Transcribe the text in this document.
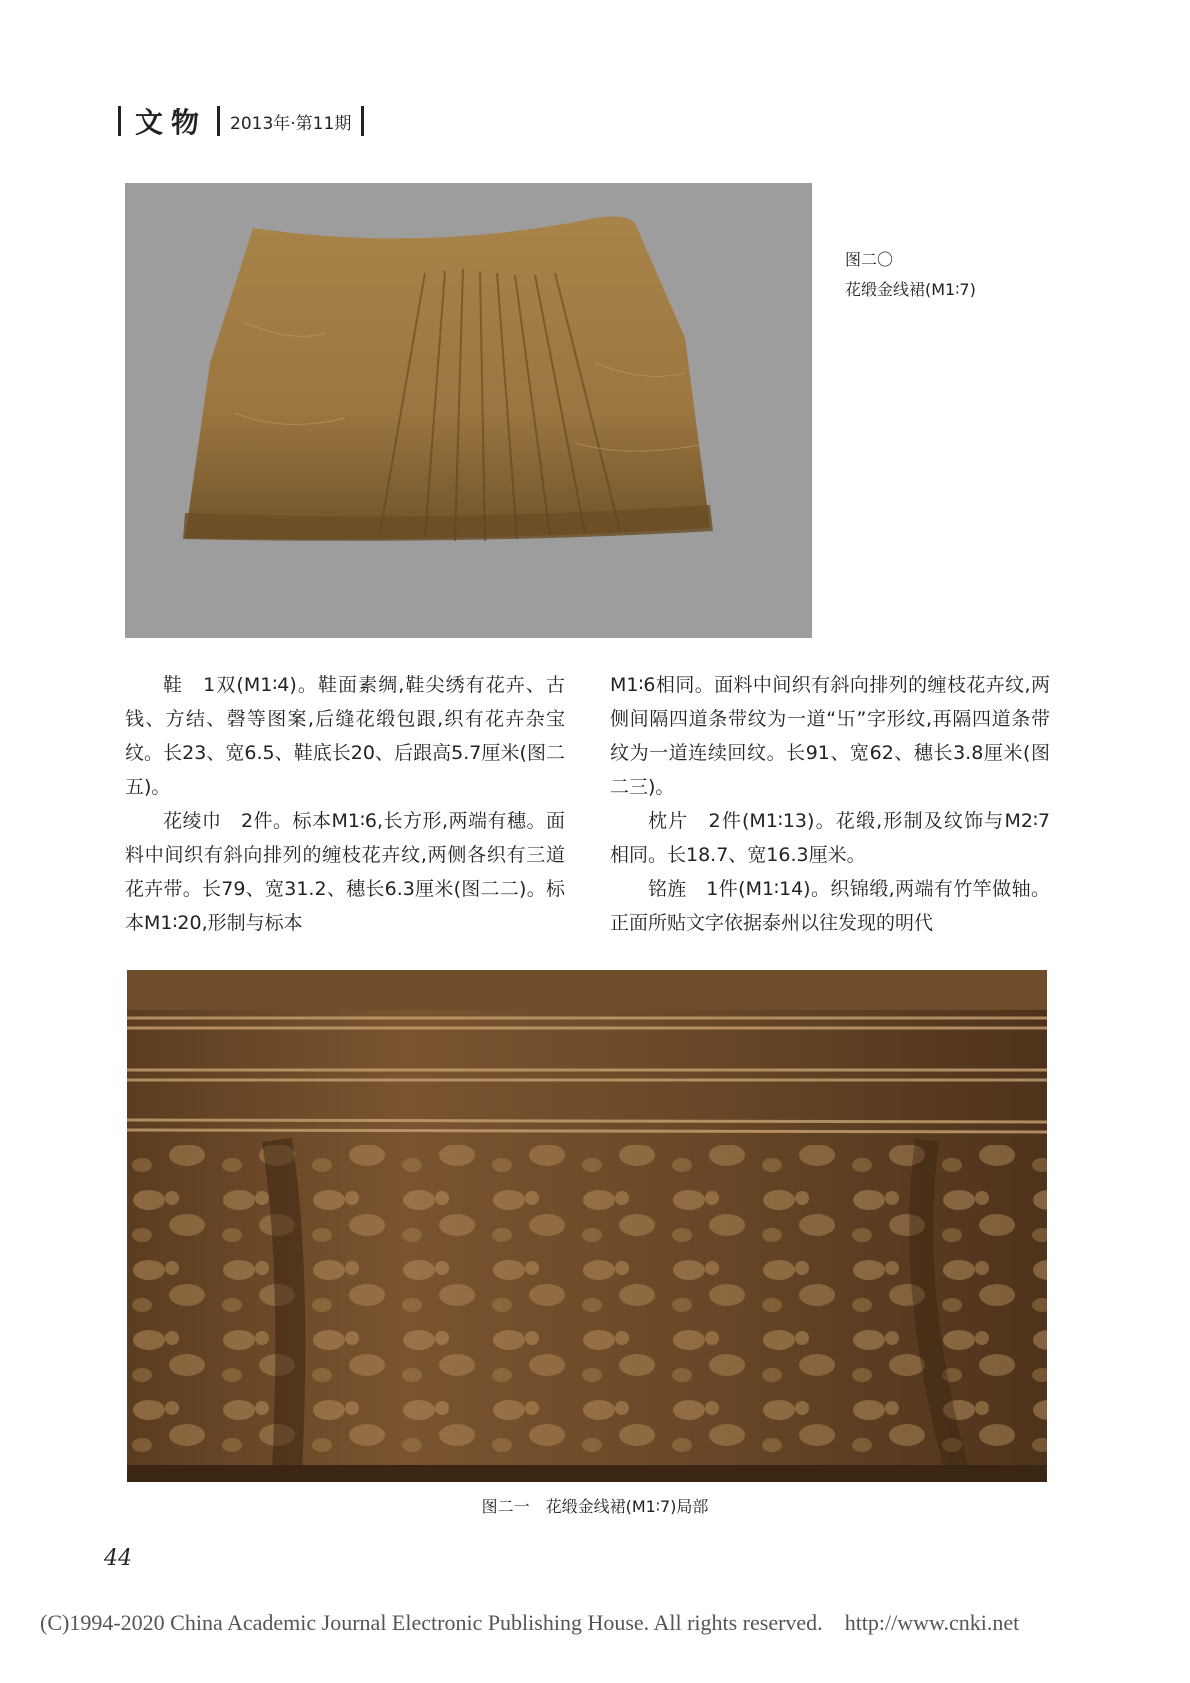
文物 2013年·第11期
图二〇
花缎金线裙(M1∶7)

鞋　1双(M1∶4)。鞋面素绸,鞋尖绣有花卉、古钱、方结、磬等图案,后缝花缎包跟,织有花卉杂宝纹。长23、宽6.5、鞋底长20、后跟高5.7厘米(图二五)。

花绫巾　2件。标本M1∶6,长方形,两端有穗。面料中间织有斜向排列的缠枝花卉纹,两侧各织有三道花卉带。长79、宽31.2、穗长6.3厘米(图二二)。标本M1∶20,形制与标本

M1∶6相同。面料中间织有斜向排列的缠枝花卉纹,两侧间隔四道条带纹为一道“卐”字形纹,再隔四道条带纹为一道连续回纹。长91、宽62、穗长3.8厘米(图二三)。

枕片　2件(M1∶13)。花缎,形制及纹饰与M2∶7相同。长18.7、宽16.3厘米。

铭旌　1件(M1∶14)。织锦缎,两端有竹竿做轴。正面所贴文字依据泰州以往发现的明代

图二一　花缎金线裙(M1∶7)局部
44
(C)1994-2020 China Academic Journal Electronic Publishing House. All rights reserved. http://www.cnki.net
